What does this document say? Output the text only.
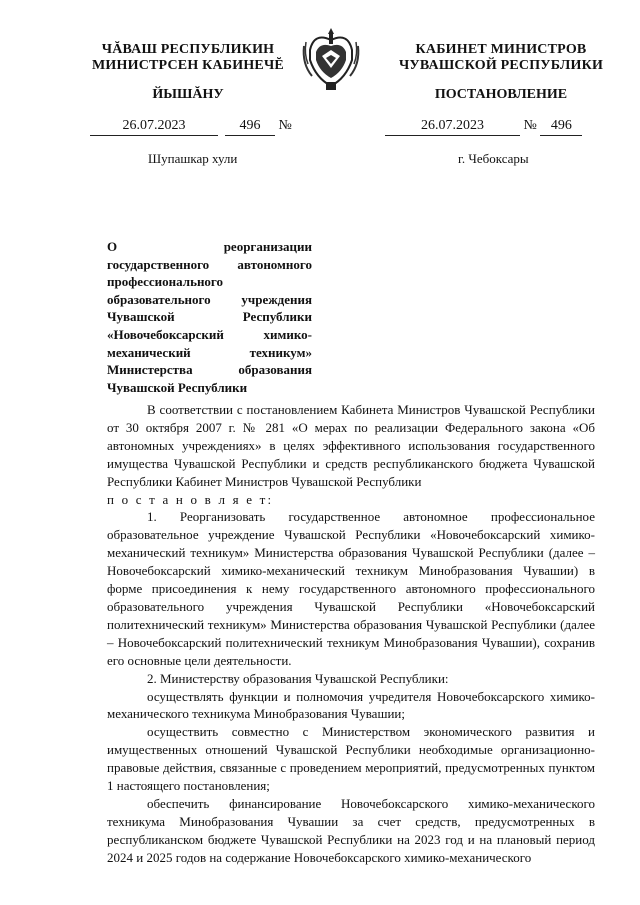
ЧĂВАШ РЕСПУБЛИКИН
МИНИСТРСЕН КАБИНЕЧĔ
ЙЫШĂНУ
КАБИНЕТ МИНИСТРОВ
ЧУВАШСКОЙ РЕСПУБЛИКИ
ПОСТАНОВЛЕНИЕ
26.07.2023	496 №	26.07.2023	№ 496
Шупашкар хули	г. Чебоксары
О реорганизации государственного автономного профессионального образовательного учреждения Чувашской Республики «Новочебоксарский химико-механический техникум» Министерства образования Чувашской Республики

В соответствии с постановлением Кабинета Министров Чувашской Республики от 30 октября 2007 г. № 281 «О мерах по реализации Федерального закона «Об автономных учреждениях» в целях эффективного использования государственного имущества Чувашской Республики и средств республиканского бюджета Чувашской Республики Кабинет Министров Чувашской Республики

п о с т а н о в л я е т:

1. Реорганизовать государственное автономное профессиональное образовательное учреждение Чувашской Республики «Новочебоксарский химико-механический техникум» Министерства образования Чувашской Республики (далее – Новочебоксарский химико-механический техникум Минобразования Чувашии) в форме присоединения к нему государственного автономного профессионального образовательного учреждения Чувашской Республики «Новочебоксарский политехнический техникум» Министерства образования Чувашской Республики (далее – Новочебоксарский политехнический техникум Минобразования Чувашии), сохранив его основные цели деятельности.

2. Министерству образования Чувашской Республики:

осуществлять функции и полномочия учредителя Новочебоксарского химико-механического техникума Минобразования Чувашии;

осуществить совместно с Министерством экономического развития и имущественных отношений Чувашской Республики необходимые организационно-правовые действия, связанные с проведением мероприятий, предусмотренных пунктом 1 настоящего постановления;

обеспечить финансирование Новочебоксарского химико-механического техникума Минобразования Чувашии за счет средств, предусмотренных в республиканском бюджете Чувашской Республики на 2023 год и на плановый период 2024 и 2025 годов на содержание Новочебоксарского химико-механического
